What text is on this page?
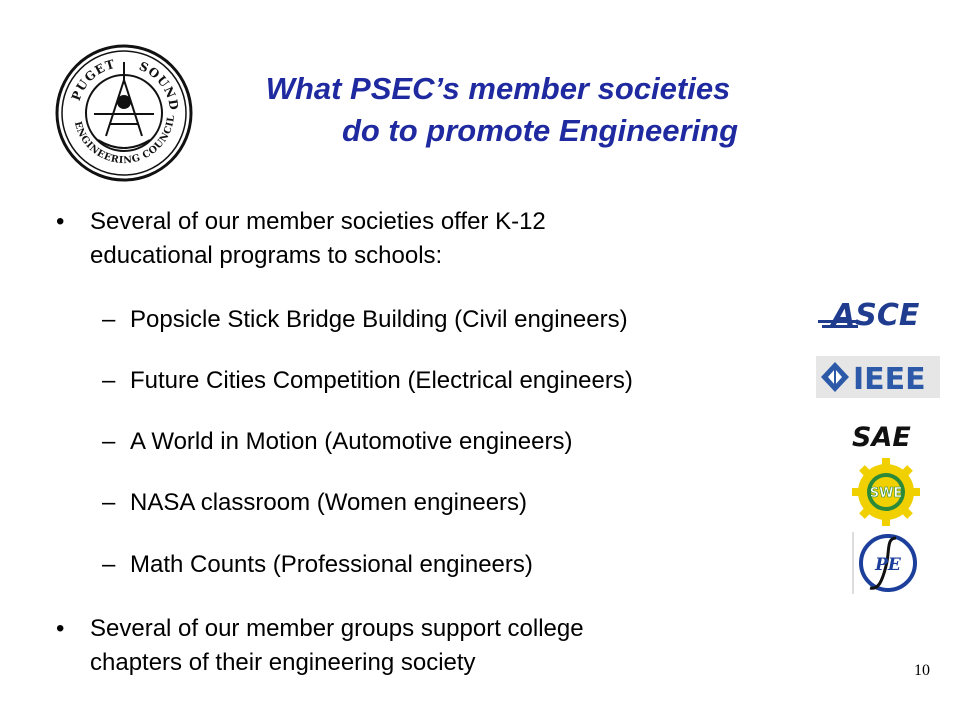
PUGET SOUND
ENGINEERING COUNCIL
What PSEC’s member societies
do to promote Engineering
• Several of our member societies offer K-12
educational programs to schools:
– Popsicle Stick Bridge Building (Civil engineers)
– Future Cities Competition (Electrical engineers)
– A World in Motion (Automotive engineers)
– NASA classroom (Women engineers)
– Math Counts (Professional engineers)
• Several of our member groups support college
chapters of their engineering society
ASCE
IEEE
SAE
SWE
PE
10
